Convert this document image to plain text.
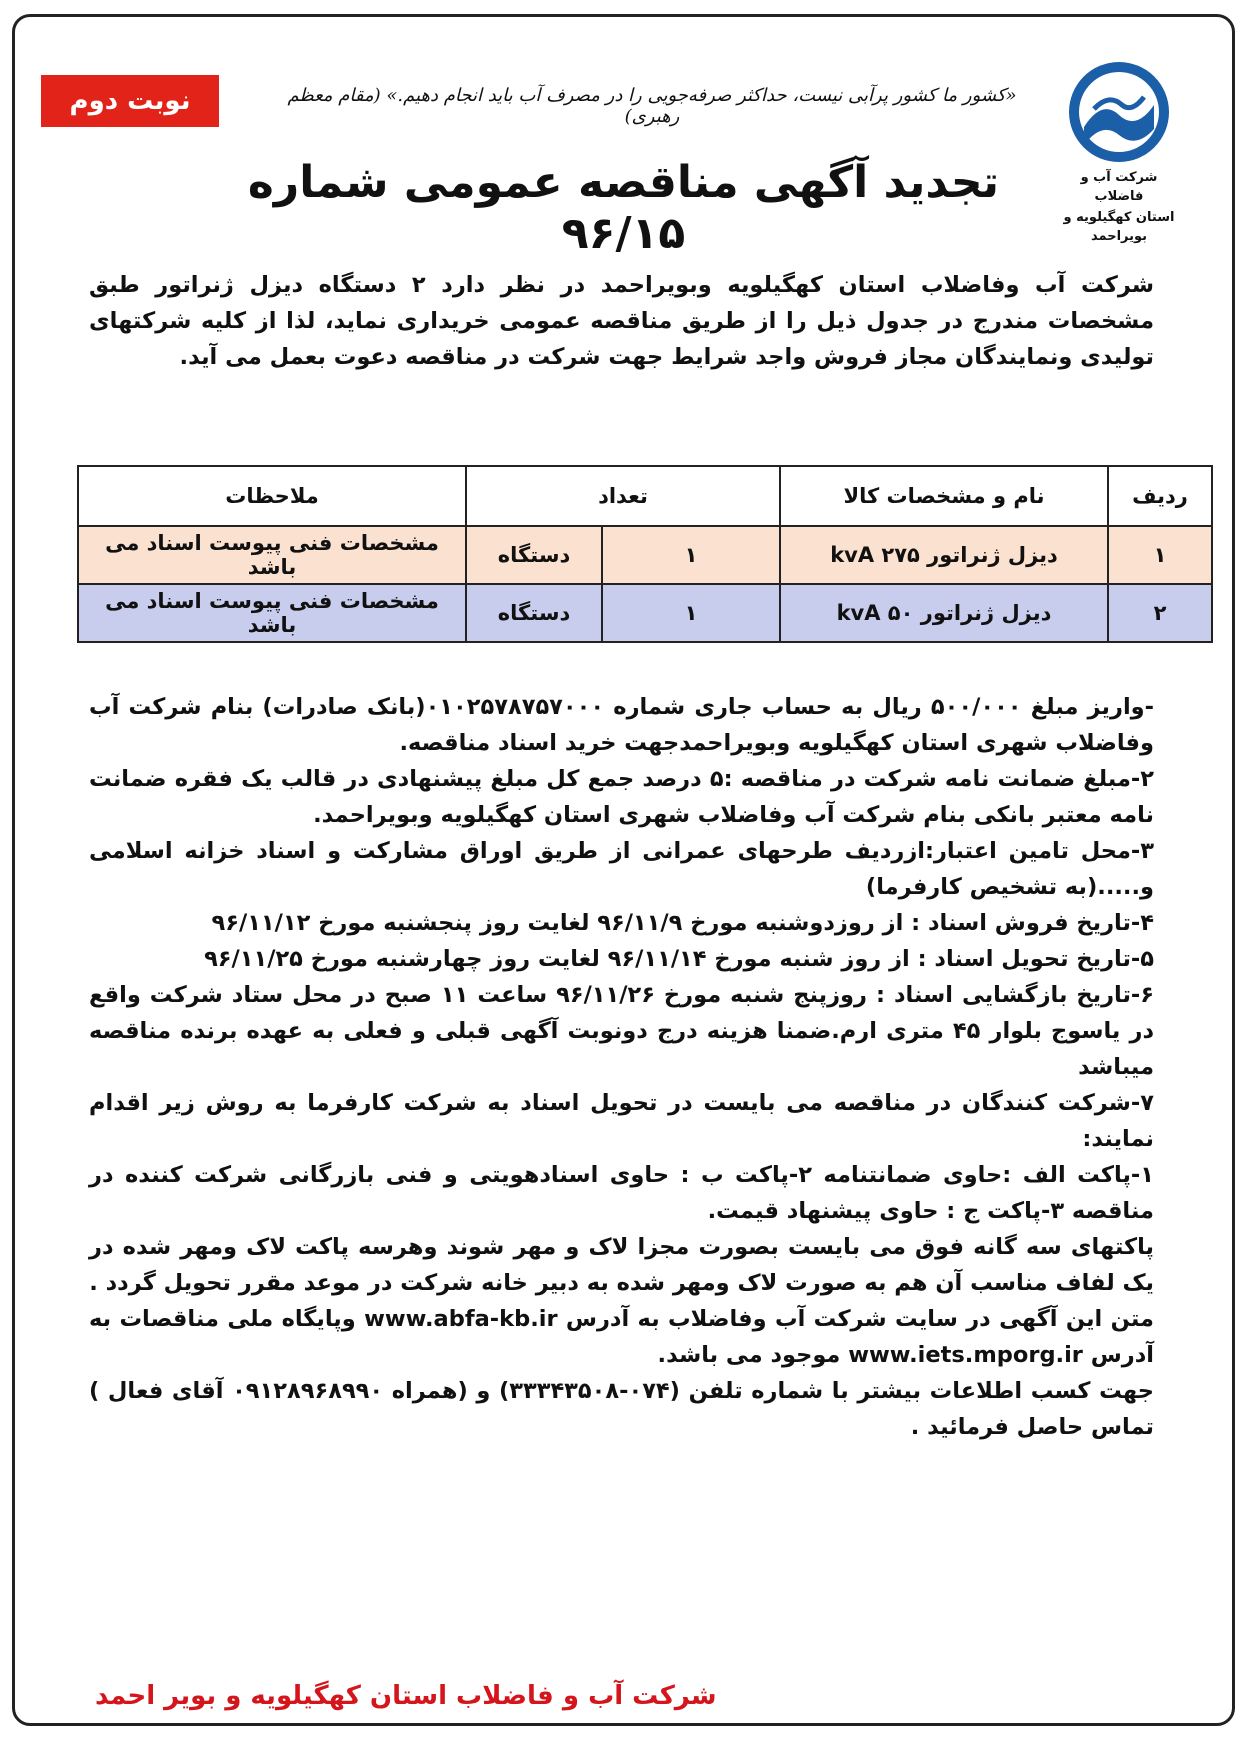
نوبت دوم
شرکت آب و فاضلاب
استان کهگیلویه و بویراحمد
«کشور ما کشور پرآبی نیست، حداکثر صرفه‌جویی را در مصرف آب باید انجام دهیم.» (مقام معظم رهبری)
تجدید آگهی مناقصه عمومی شماره ۹۶/۱۵
شرکت آب وفاضلاب استان کهگیلویه وبویراحمد در نظر دارد ۲ دستگاه دیزل ژنراتور طبق مشخصات مندرج در جدول ذیل را از طریق مناقصه عمومی خریداری نماید، لذا از کلیه شرکتهای تولیدی ونمایندگان مجاز فروش واجد شرایط جهت شرکت در مناقصه دعوت بعمل می آید.
ردیف	نام و مشخصات کالا	تعداد		ملاحظات
۱	دیزل ژنراتور kvA ۲۷۵	۱	دستگاه	مشخصات فنی پیوست اسناد می باشد
۲	دیزل ژنراتور kvA ۵۰	۱	دستگاه	مشخصات فنی پیوست اسناد می باشد

-واریز مبلغ ۵۰۰/۰۰۰ ریال به حساب جاری شماره ۰۱۰۲۵۷۸۷۵۷۰۰۰(بانک صادرات) بنام شرکت آب وفاضلاب شهری استان کهگیلویه وبویراحمدجهت خرید اسناد مناقصه.

۲-مبلغ ضمانت نامه شرکت در مناقصه :۵ درصد جمع کل مبلغ پیشنهادی در قالب یک فقره ضمانت نامه معتبر بانکی بنام شرکت آب وفاضلاب شهری استان کهگیلویه وبویراحمد.

۳-محل تامین اعتبار:ازردیف طرحهای عمرانی از طریق اوراق مشارکت و اسناد خزانه اسلامی و.....(به تشخیص کارفرما)

۴-تاریخ فروش اسناد : از روزدوشنبه مورخ ۹۶/۱۱/۹ لغایت روز پنجشنبه مورخ ۹۶/۱۱/۱۲

۵-تاریخ تحویل اسناد : از روز شنبه مورخ ۹۶/۱۱/۱۴ لغایت روز چهارشنبه مورخ ۹۶/۱۱/۲۵

۶-تاریخ بازگشایی اسناد : روزپنج شنبه مورخ ۹۶/۱۱/۲۶ ساعت ۱۱ صبح در محل ستاد شرکت واقع در یاسوج بلوار ۴۵ متری ارم.ضمنا هزینه درج دونوبت آگهی قبلی و فعلی به عهده برنده مناقصه میباشد

۷-شرکت کنندگان در مناقصه می بایست در تحویل اسناد به شرکت کارفرما به روش زیر اقدام نمایند:

۱-پاکت الف :حاوی ضمانتنامه ۲-پاکت ب : حاوی اسنادهویتی و فنی بازرگانی شرکت کننده در مناقصه ۳-پاکت ج : حاوی پیشنهاد قیمت.

پاکتهای سه گانه فوق می بایست بصورت مجزا لاک و مهر شوند وهرسه پاکت لاک ومهر شده در یک لفاف مناسب آن هم به صورت لاک ومهر شده به دبیر خانه شرکت در موعد مقرر تحویل گردد .

متن این آگهی در سایت شرکت آب وفاضلاب به آدرس www.abfa-kb.ir وپایگاه ملی مناقصات به آدرس www.iets.mporg.ir موجود می باشد.

جهت کسب اطلاعات بیشتر با شماره تلفن (۰۷۴-۳۳۳۴۳۵۰۸) و (همراه ۰۹۱۲۸۹۶۸۹۹۰ آقای فعال ) تماس حاصل فرمائید .

شرکت آب و فاضلاب استان کهگیلویه و بویر احمد
